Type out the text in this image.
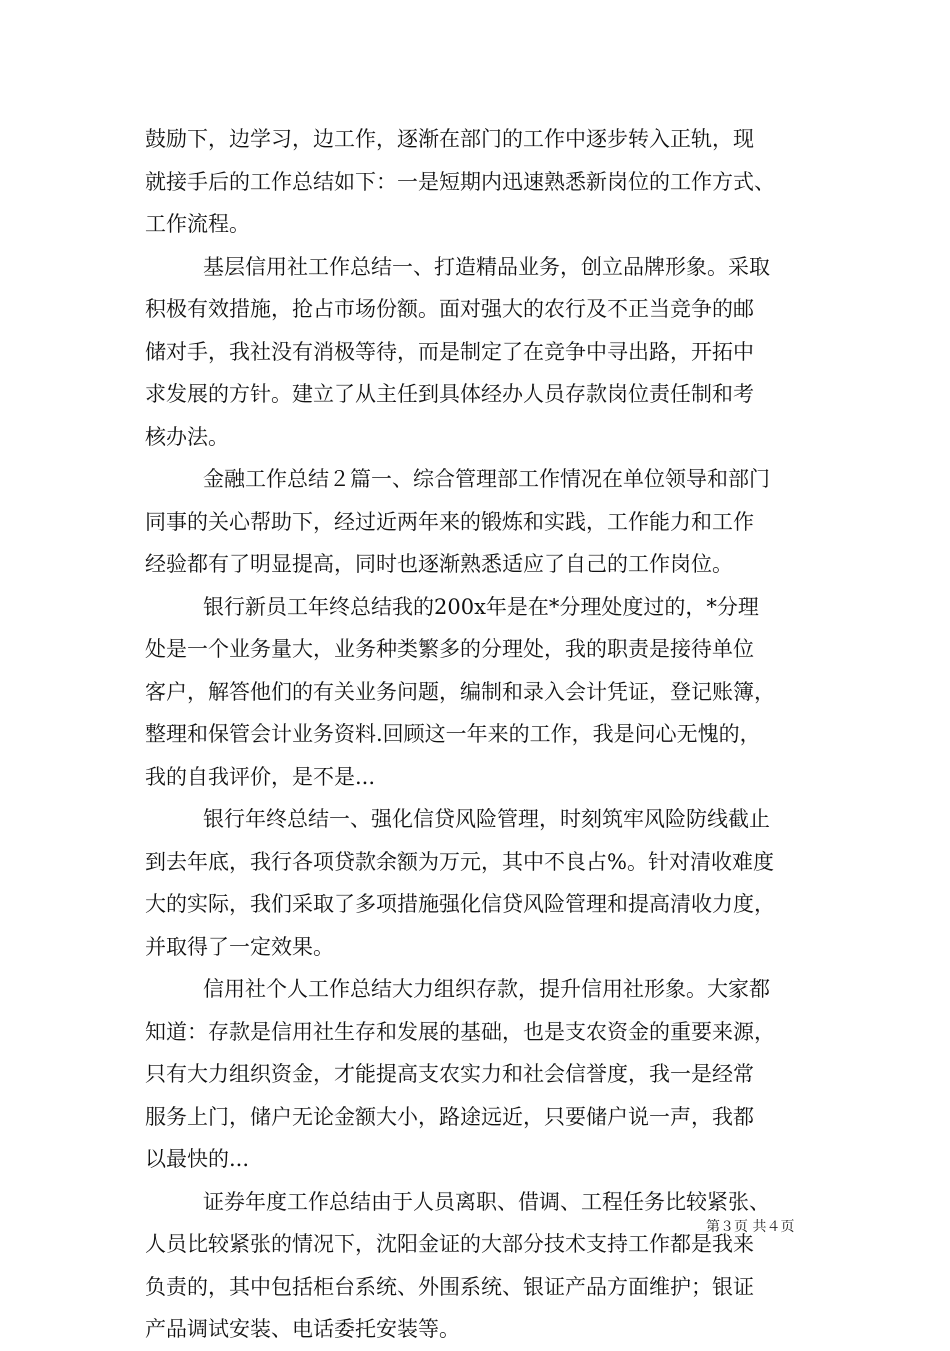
鼓励下，边学习，边工作，逐渐在部门的工作中逐步转入正轨，现
就接手后的工作总结如下：一是短期内迅速熟悉新岗位的工作方式、
工作流程。
基层信用社工作总结一、打造精品业务，创立品牌形象。采取
积极有效措施，抢占市场份额。面对强大的农行及不正当竞争的邮
储对手，我社没有消极等待，而是制定了在竞争中寻出路，开拓中
求发展的方针。建立了从主任到具体经办人员存款岗位责任制和考
核办法。
金融工作总结２篇一、综合管理部工作情况在单位领导和部门
同事的关心帮助下，经过近两年来的锻炼和实践，工作能力和工作
经验都有了明显提高，同时也逐渐熟悉适应了自己的工作岗位。
银行新员工年终总结我的200x年是在*分理处度过的，*分理
处是一个业务量大，业务种类繁多的分理处，我的职责是接待单位
客户，解答他们的有关业务问题，编制和录入会计凭证，登记账簿，
整理和保管会计业务资料.回顾这一年来的工作，我是问心无愧的，
我的自我评价，是不是...
银行年终总结一、强化信贷风险管理，时刻筑牢风险防线截止
到去年底，我行各项贷款余额为万元，其中不良占%。针对清收难度
大的实际，我们采取了多项措施强化信贷风险管理和提高清收力度，
并取得了一定效果。
信用社个人工作总结大力组织存款，提升信用社形象。大家都
知道：存款是信用社生存和发展的基础，也是支农资金的重要来源，
只有大力组织资金，才能提高支农实力和社会信誉度，我一是经常
服务上门，储户无论金额大小，路途远近，只要储户说一声，我都
以最快的...
证券年度工作总结由于人员离职、借调、工程任务比较紧张、
人员比较紧张的情况下，沈阳金证的大部分技术支持工作都是我来
负责的，其中包括柜台系统、外围系统、银证产品方面维护；银证
产品调试安装、电话委托安装等。
第３页 共４页
